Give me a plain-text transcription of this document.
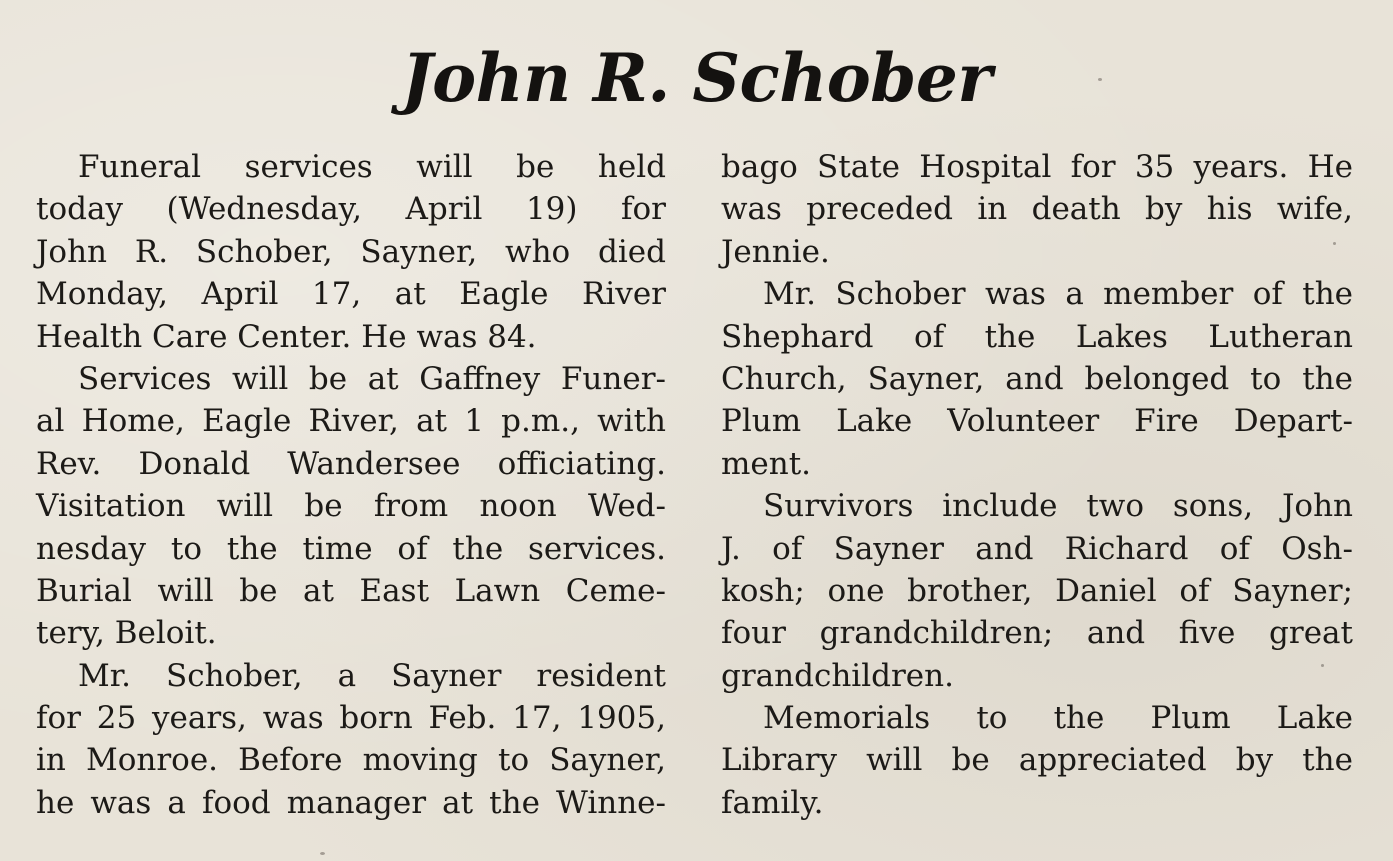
John R. Schober
Funeral services will be held
today (Wednesday, April 19) for
John R. Schober, Sayner, who died
Monday, April 17, at Eagle River
Health Care Center. He was 84.
Services will be at Gaffney Funer-
al Home, Eagle River, at 1 p.m., with
Rev. Donald Wandersee officiating.
Visitation will be from noon Wed-
nesday to the time of the services.
Burial will be at East Lawn Ceme-
tery, Beloit.
Mr. Schober, a Sayner resident
for 25 years, was born Feb. 17, 1905,
in Monroe. Before moving to Sayner,
he was a food manager at the Winne-
bago State Hospital for 35 years. He
was preceded in death by his wife,
Jennie.
Mr. Schober was a member of the
Shephard of the Lakes Lutheran
Church, Sayner, and belonged to the
Plum Lake Volunteer Fire Depart-
ment.
Survivors include two sons, John
J. of Sayner and Richard of Osh-
kosh; one brother, Daniel of Sayner;
four grandchildren; and five great
grandchildren.
Memorials to the Plum Lake
Library will be appreciated by the
family.
